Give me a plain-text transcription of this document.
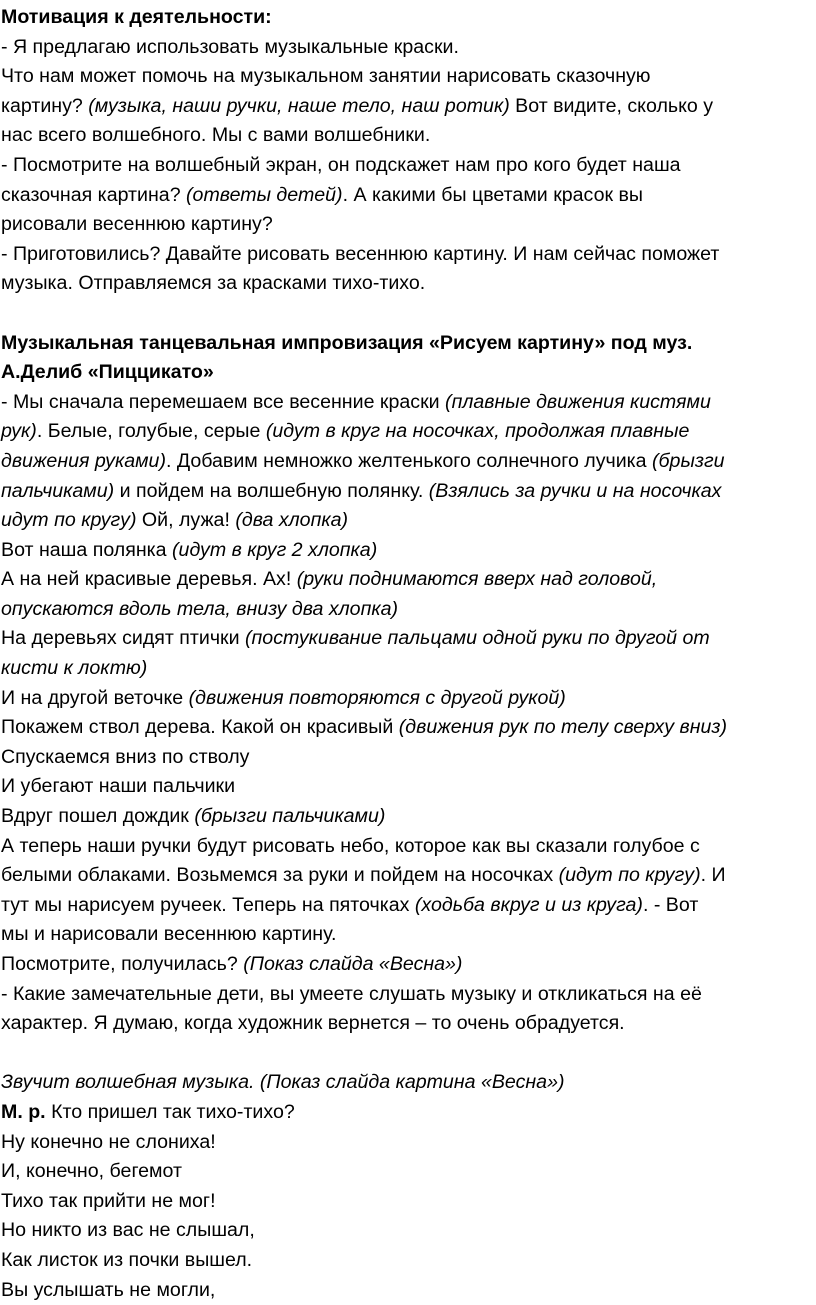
Мотивация к деятельности:
- Я предлагаю использовать музыкальные краски.
Что нам может помочь на музыкальном занятии нарисовать сказочную
картину? (музыка, наши ручки, наше тело, наш ротик) Вот видите, сколько у
нас всего волшебного. Мы с вами волшебники.
- Посмотрите на волшебный экран, он подскажет нам про кого будет наша
сказочная картина? (ответы детей). А какими бы цветами красок вы
рисовали весеннюю картину?
- Приготовились? Давайте рисовать весеннюю картину. И нам сейчас поможет
музыка. Отправляемся за красками тихо-тихо.
Музыкальная танцевальная импровизация «Рисуем картину» под муз.
А.Делиб «Пиццикато»
- Мы сначала перемешаем все весенние краски (плавные движения кистями
рук). Белые, голубые, серые (идут в круг на носочках, продолжая плавные
движения руками). Добавим немножко желтенького солнечного лучика (брызги
пальчиками) и пойдем на волшебную полянку. (Взялись за ручки и на носочках
идут по кругу) Ой, лужа! (два хлопка)
Вот наша полянка (идут в круг 2 хлопка)
А на ней красивые деревья. Ах! (руки поднимаются вверх над головой,
опускаются вдоль тела, внизу два хлопка)
На деревьях сидят птички (постукивание пальцами одной руки по другой от
кисти к локтю)
И на другой веточке (движения повторяются с другой рукой)
Покажем ствол дерева. Какой он красивый (движения рук по телу сверху вниз)
Спускаемся вниз по стволу
И убегают наши пальчики
Вдруг пошел дождик (брызги пальчиками)
А теперь наши ручки будут рисовать небо, которое как вы сказали голубое с
белыми облаками. Возьмемся за руки и пойдем на носочках (идут по кругу). И
тут мы нарисуем ручеек. Теперь на пяточках (ходьба вкруг и из круга). - Вот
мы и нарисовали весеннюю картину.
Посмотрите, получилась? (Показ слайда «Весна»)
- Какие замечательные дети, вы умеете слушать музыку и откликаться на её
характер. Я думаю, когда художник вернется – то очень обрадуется.
Звучит волшебная музыка. (Показ слайда картина «Весна»)
М. р. Кто пришел так тихо-тихо?
Ну конечно не слониха!
И, конечно, бегемот
Тихо так прийти не мог!
Но никто из вас не слышал,
Как листок из почки вышел.
Вы услышать не могли,
